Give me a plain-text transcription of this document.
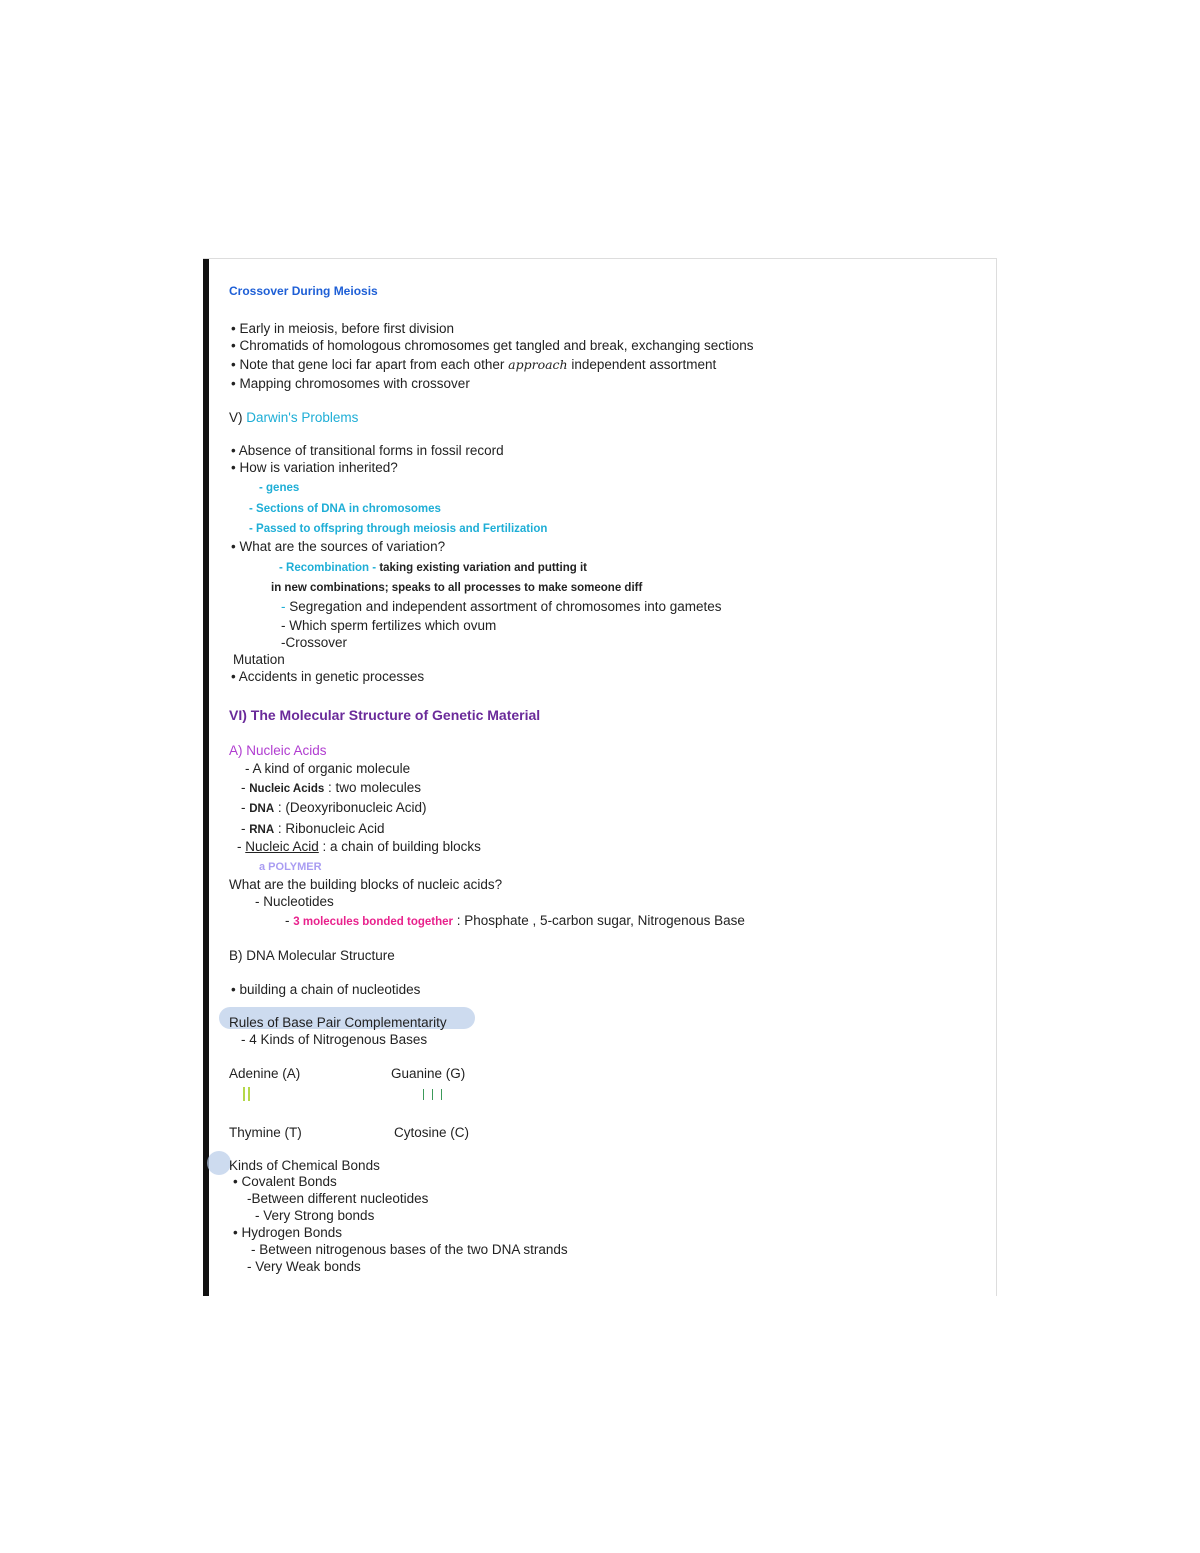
Crossover During Meiosis
• Early in meiosis, before first division
• Chromatids of homologous chromosomes get tangled and break, exchanging sections
• Note that gene loci far apart from each other approach independent assortment
• Mapping chromosomes with crossover
V) Darwin's Problems
• Absence of transitional forms in fossil record
• How is variation inherited?
- genes
- Sections of DNA in chromosomes
- Passed to offspring through meiosis and Fertilization
• What are the sources of variation?
- Recombination - taking existing variation and putting it
in new combinations; speaks to all processes to make someone diff
- Segregation and independent assortment of chromosomes into gametes
- Which sperm fertilizes which ovum
-Crossover
Mutation
• Accidents in genetic processes
VI) The Molecular Structure of Genetic Material
A) Nucleic Acids
- A kind of organic molecule
- Nucleic Acids : two molecules
- DNA : (Deoxyribonucleic Acid)
- RNA : Ribonucleic Acid
- Nucleic Acid : a chain of building blocks
a POLYMER
What are the building blocks of nucleic acids?
- Nucleotides
- 3 molecules bonded together : Phosphate , 5-carbon sugar, Nitrogenous Base
B) DNA Molecular Structure
• building a chain of nucleotides
Rules of Base Pair Complementarity
- 4 Kinds of Nitrogenous Bases
Adenine (A)	Guanine (G)
Thymine (T)	Cytosine (C)
Kinds of Chemical Bonds
• Covalent Bonds
-Between different nucleotides
- Very Strong bonds
• Hydrogen Bonds
- Between nitrogenous bases of the two DNA strands
- Very Weak bonds
